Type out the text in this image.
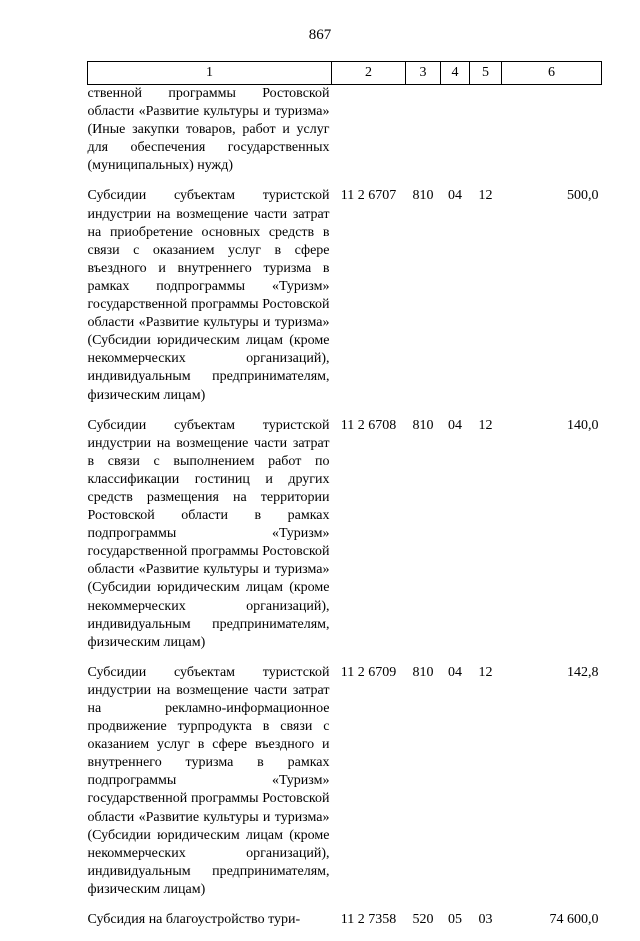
867
1	2	3	4	5	6
ственной программы Ростовской области «Развитие культуры и туризма» (Иные закупки товаров, работ и услуг для обеспечения государственных (муниципальных) нужд)					
Субсидии субъектам туристской индустрии на возмещение части затрат на приобретение основных средств в связи с оказанием услуг в сфере въездного и внутреннего туризма в рамках подпрограммы «Туризм» государственной программы Ростовской области «Развитие культуры и туризма» (Субсидии юридическим лицам (кроме некоммерческих организаций), индивидуальным предпринимателям, физическим лицам)	11 2 6707	810	04	12	500,0
Субсидии субъектам туристской индустрии на возмещение части затрат в связи с выполнением работ по классификации гостиниц и других средств размещения на территории Ростовской области в рамках подпрограммы «Туризм» государственной программы Ростовской области «Развитие культуры и туризма» (Субсидии юридическим лицам (кроме некоммерческих организаций), индивидуальным предпринимателям, физическим лицам)	11 2 6708	810	04	12	140,0
Субсидии субъектам туристской индустрии на возмещение части затрат на рекламно-информационное продвижение турпродукта в связи с оказанием услуг в сфере въездного и внутреннего туризма в рамках подпрограммы «Туризм» государственной программы Ростовской области «Развитие культуры и туризма» (Субсидии юридическим лицам (кроме некоммерческих организаций), индивидуальным предпринимателям, физическим лицам)	11 2 6709	810	04	12	142,8
Субсидия на благоустройство тури-	11 2 7358	520	05	03	74 600,0
